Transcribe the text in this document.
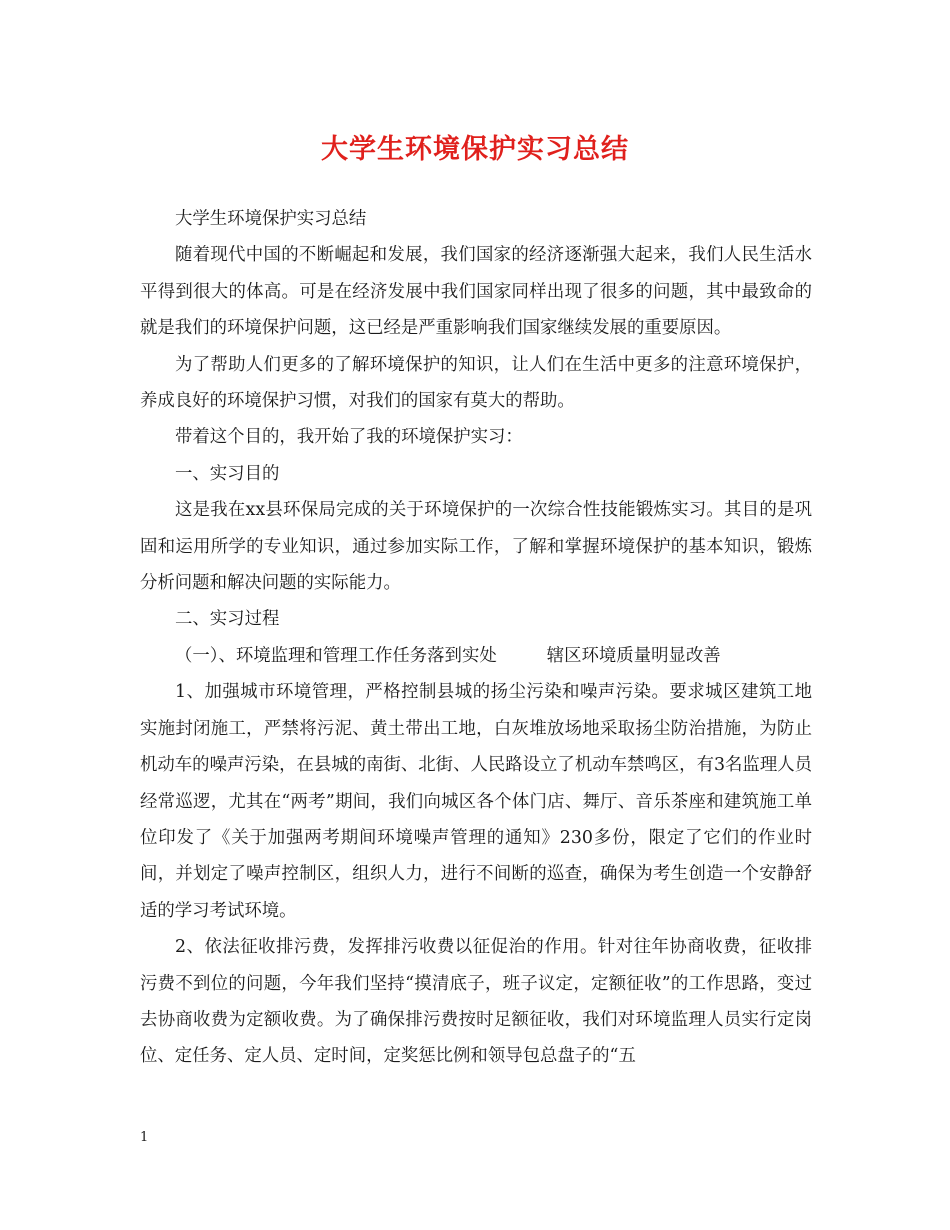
大学生环境保护实习总结

大学生环境保护实习总结

随着现代中国的不断崛起和发展，我们国家的经济逐渐强大起来，我们人民生活水平得到很大的体高。可是在经济发展中我们国家同样出现了很多的问题，其中最致命的就是我们的环境保护问题，这已经是严重影响我们国家继续发展的重要原因。

为了帮助人们更多的了解环境保护的知识，让人们在生活中更多的注意环境保护，养成良好的环境保护习惯，对我们的国家有莫大的帮助。

带着这个目的，我开始了我的环境保护实习：

一、实习目的

这是我在xx县环保局完成的关于环境保护的一次综合性技能锻炼实习。其目的是巩固和运用所学的专业知识，通过参加实际工作，了解和掌握环境保护的基本知识，锻炼分析问题和解决问题的实际能力。

二、实习过程

（一）、环境监理和管理工作任务落到实处	辖区环境质量明显改善

1、加强城市环境管理，严格控制县城的扬尘污染和噪声污染。要求城区建筑工地实施封闭施工，严禁将污泥、黄土带出工地，白灰堆放场地采取扬尘防治措施，为防止机动车的噪声污染，在县城的南街、北街、人民路设立了机动车禁鸣区，有3名监理人员经常巡逻，尤其在“两考”期间，我们向城区各个体门店、舞厅、音乐茶座和建筑施工单位印发了《关于加强两考期间环境噪声管理的通知》230多份，限定了它们的作业时间，并划定了噪声控制区，组织人力，进行不间断的巡查，确保为考生创造一个安静舒适的学习考试环境。

2、依法征收排污费，发挥排污收费以征促治的作用。针对往年协商收费，征收排污费不到位的问题，今年我们坚持“摸清底子，班子议定，定额征收”的工作思路，变过去协商收费为定额收费。为了确保排污费按时足额征收，我们对环境监理人员实行定岗位、定任务、定人员、定时间，定奖惩比例和领导包总盘子的“五

1
